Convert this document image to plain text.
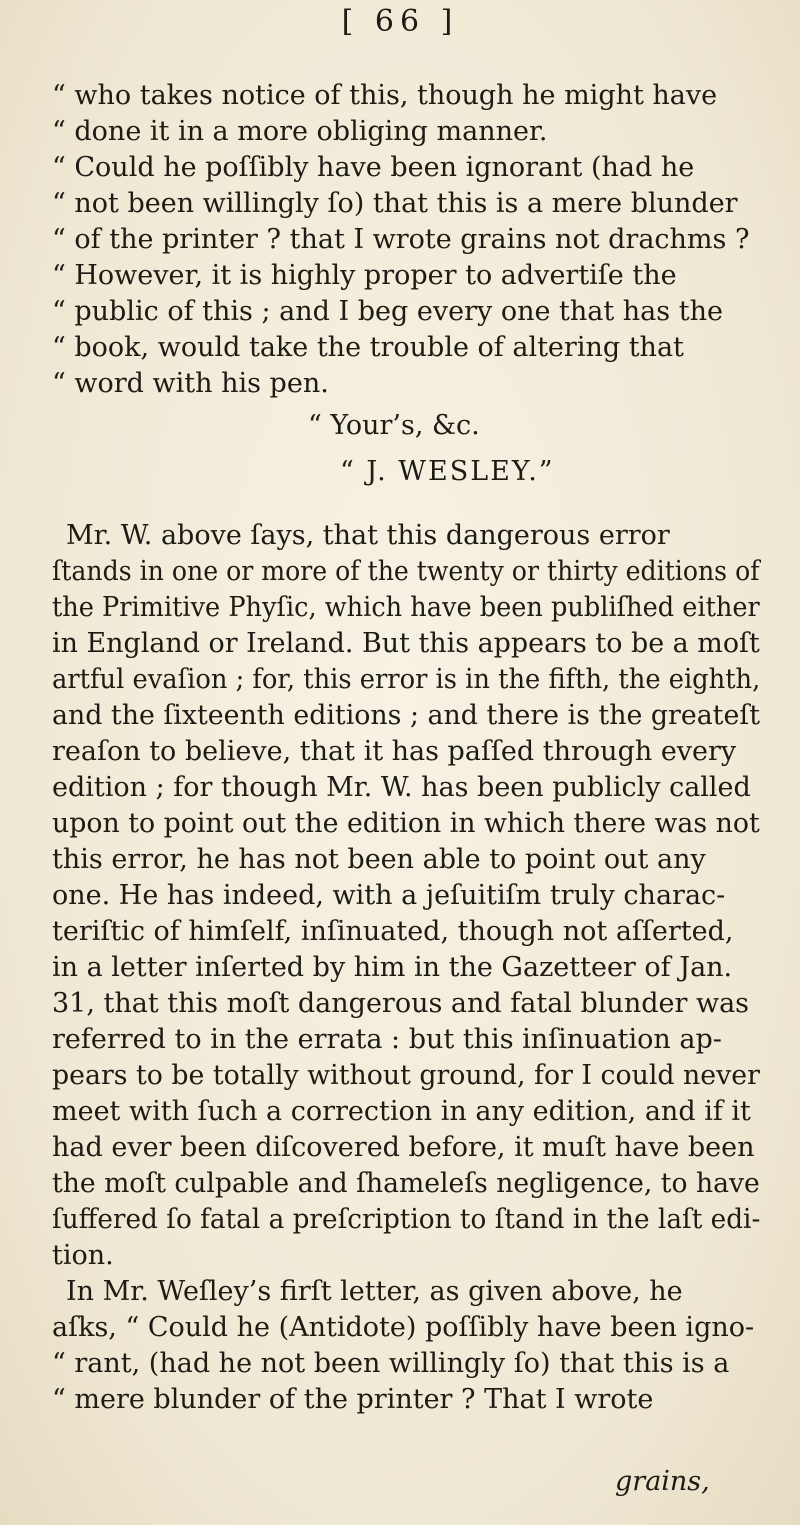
[ 66 ]
“ who takes notice of this, though he might have
“ done it in a more obliging manner.
“ Could he poſſibly have been ignorant (had he
“ not been willingly ſo) that this is a mere blunder
“ of the printer ? that I wrote grains not drachms ?
“ However, it is highly proper to advertiſe the
“ public of this ; and I beg every one that has the
“ book, would take the trouble of altering that
“ word with his pen.
“ Your’s, &c.
“ J. WESLEY.”
Mr. W. above ſays, that this dangerous error
ſtands in one or more of the twenty or thirty editions of
the Primitive Phyſic, which have been publiſhed either
in England or Ireland. But this appears to be a moſt
artful evaſion ; for, this error is in the fifth, the eighth,
and the ſixteenth editions ; and there is the greateſt
reaſon to believe, that it has paſſed through every
edition ; for though Mr. W. has been publicly called
upon to point out the edition in which there was not
this error, he has not been able to point out any
one. He has indeed, with a jeſuitiſm truly charac-
teriſtic of himſelf, inſinuated, though not aſſerted,
in a letter inſerted by him in the Gazetteer of Jan.
31, that this moſt dangerous and fatal blunder was
referred to in the errata : but this inſinuation ap-
pears to be totally without ground, for I could never
meet with ſuch a correction in any edition, and if it
had ever been diſcovered before, it muſt have been
the moſt culpable and ſhameleſs negligence, to have
ſuffered ſo fatal a preſcription to ſtand in the laſt edi-
tion.
In Mr. Weſley’s firſt letter, as given above, he
aſks, “ Could he (Antidote) poſſibly have been igno-
“ rant, (had he not been willingly ſo) that this is a
“ mere blunder of the printer ? That I wrote
grains,
